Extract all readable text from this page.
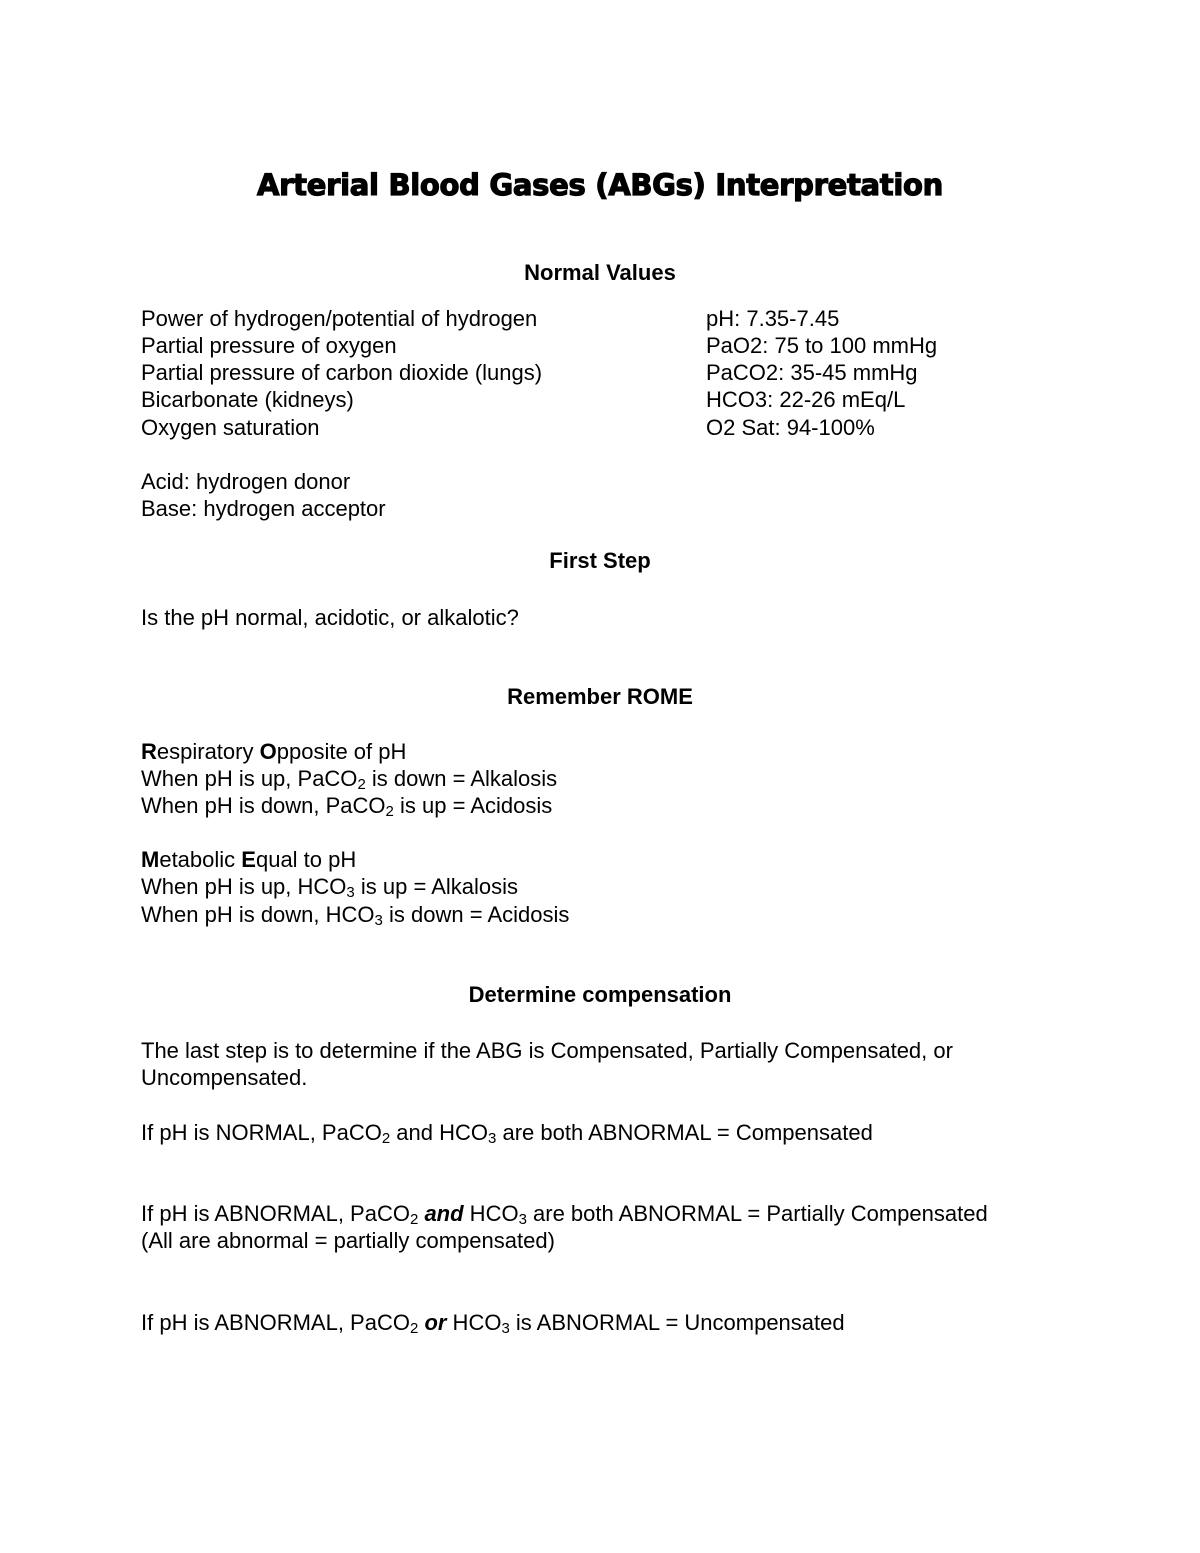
Arterial Blood Gases (ABGs) Interpretation
Normal Values
Power of hydrogen/potential of hydrogen	pH: 7.35-7.45
Partial pressure of oxygen	PaO2: 75 to 100 mmHg
Partial pressure of carbon dioxide (lungs)	PaCO2: 35-45 mmHg
Bicarbonate (kidneys)	HCO3: 22-26 mEq/L
Oxygen saturation	O2 Sat: 94-100%
Acid: hydrogen donor
Base: hydrogen acceptor
First Step
Is the pH normal, acidotic, or alkalotic?
Remember ROME
Respiratory Opposite of pH
When pH is up, PaCO$_2$ is down = Alkalosis
When pH is down, PaCO$_2$ is up = Acidosis
Metabolic Equal to pH
When pH is up, $HCO_3$ is up = Alkalosis
When pH is down, $HCO_3$ is down = Acidosis
Determine compensation
The last step is to determine if the ABG is Compensated, Partially Compensated, or
Uncompensated.
If pH is NORMAL, PaCO$_2$ and $HCO_3$ are both ABNORMAL = Compensated
If pH is ABNORMAL, PaCO$_2$ and $HCO_3$ are both ABNORMAL = Partially Compensated
(All are abnormal = partially compensated)
If pH is ABNORMAL, PaCO$_2$ or $HCO_3$ is ABNORMAL = Uncompensated
